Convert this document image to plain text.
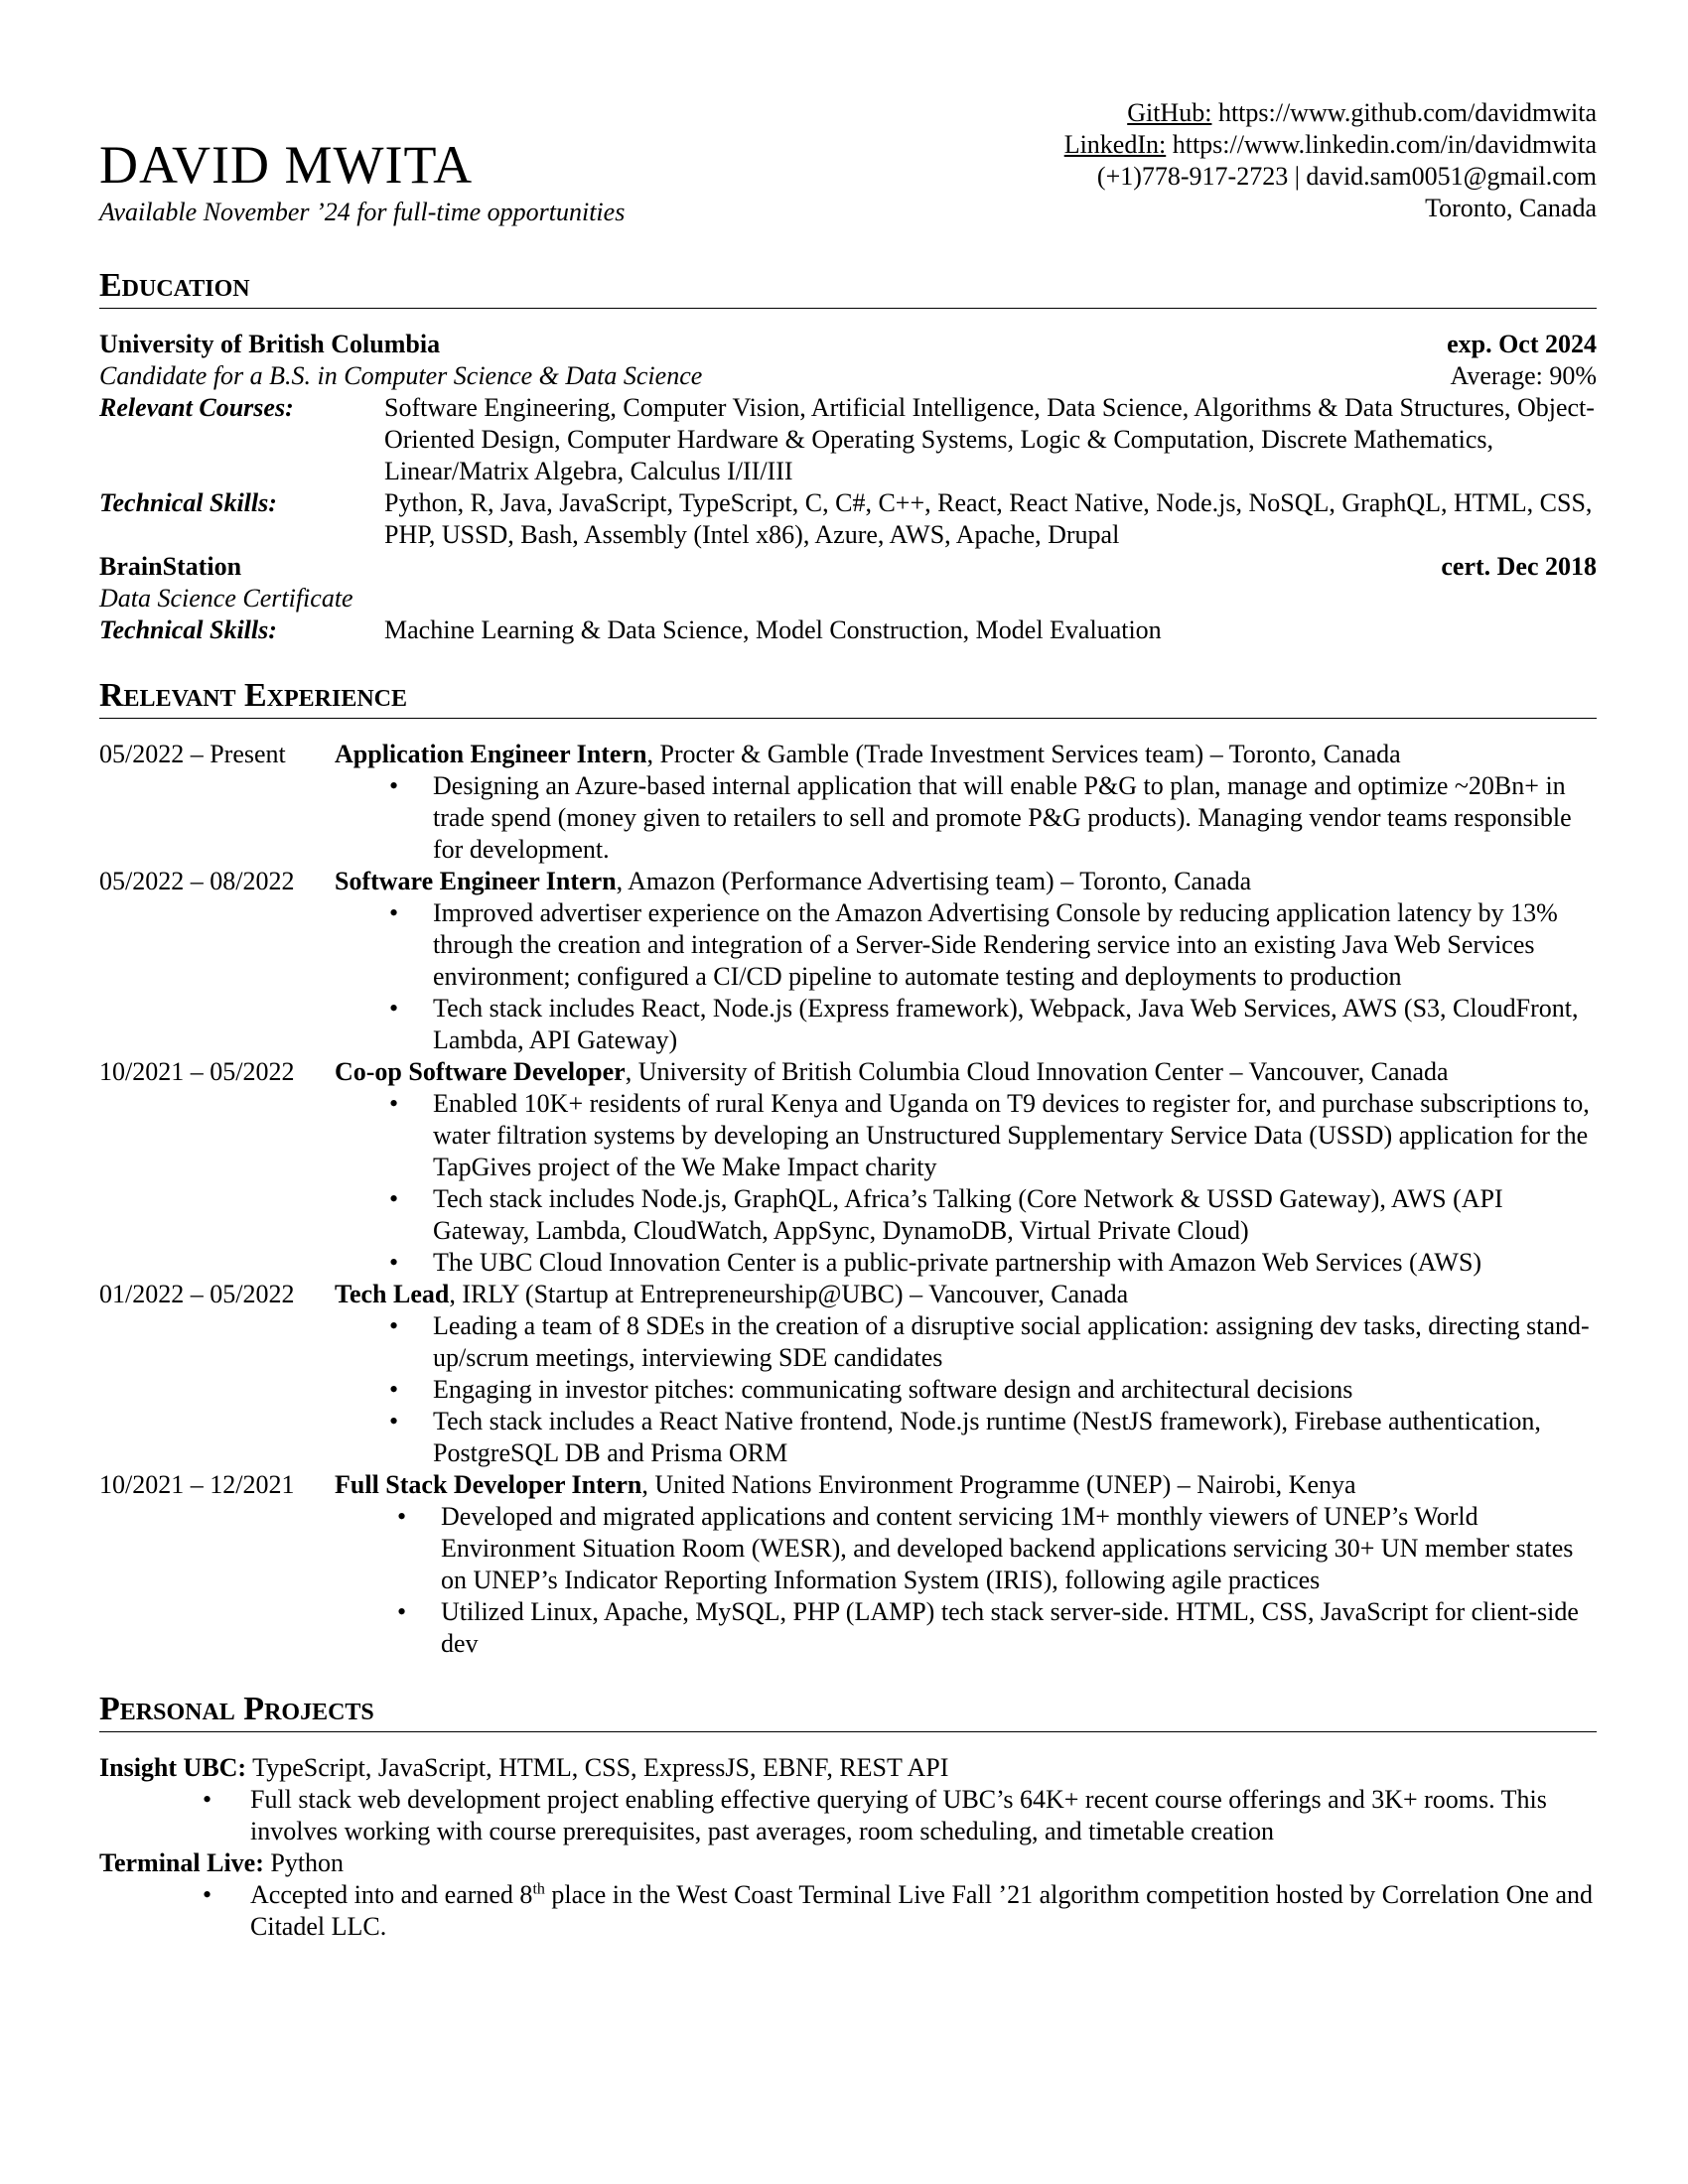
DAVID MWITA
Available November ’24 for full-time opportunities
GitHub: https://www.github.com/davidmwita
LinkedIn: https://www.linkedin.com/in/davidmwita
(+1)778-917-2723 | david.sam0051@gmail.com
Toronto, Canada
Education
University of British Columbia	exp. Oct 2024
Candidate for a B.S. in Computer Science & Data Science	Average: 90%
Relevant Courses:	Software Engineering, Computer Vision, Artificial Intelligence, Data Science, Algorithms & Data Structures, Object-Oriented Design, Computer Hardware & Operating Systems, Logic & Computation, Discrete Mathematics, Linear/Matrix Algebra, Calculus I/II/III
Technical Skills:	Python, R, Java, JavaScript, TypeScript, C, C#, C++, React, React Native, Node.js, NoSQL, GraphQL, HTML, CSS, PHP, USSD, Bash, Assembly (Intel x86), Azure, AWS, Apache, Drupal
BrainStation	cert. Dec 2018
Data Science Certificate
Technical Skills:	Machine Learning & Data Science, Model Construction, Model Evaluation
Relevant Experience
05/2022 – Present	Application Engineer Intern, Procter & Gamble (Trade Investment Services team) – Toronto, Canada
• Designing an Azure-based internal application that will enable P&G to plan, manage and optimize ~20Bn+ in trade spend (money given to retailers to sell and promote P&G products). Managing vendor teams responsible for development.
05/2022 – 08/2022	Software Engineer Intern, Amazon (Performance Advertising team) – Toronto, Canada
• Improved advertiser experience on the Amazon Advertising Console by reducing application latency by 13% through the creation and integration of a Server-Side Rendering service into an existing Java Web Services environment; configured a CI/CD pipeline to automate testing and deployments to production
• Tech stack includes React, Node.js (Express framework), Webpack, Java Web Services, AWS (S3, CloudFront, Lambda, API Gateway)
10/2021 – 05/2022	Co-op Software Developer, University of British Columbia Cloud Innovation Center – Vancouver, Canada
• Enabled 10K+ residents of rural Kenya and Uganda on T9 devices to register for, and purchase subscriptions to, water filtration systems by developing an Unstructured Supplementary Service Data (USSD) application for the TapGives project of the We Make Impact charity
• Tech stack includes Node.js, GraphQL, Africa’s Talking (Core Network & USSD Gateway), AWS (API Gateway, Lambda, CloudWatch, AppSync, DynamoDB, Virtual Private Cloud)
• The UBC Cloud Innovation Center is a public-private partnership with Amazon Web Services (AWS)
01/2022 – 05/2022	Tech Lead, IRLY (Startup at Entrepreneurship@UBC) – Vancouver, Canada
• Leading a team of 8 SDEs in the creation of a disruptive social application: assigning dev tasks, directing stand-up/scrum meetings, interviewing SDE candidates
• Engaging in investor pitches: communicating software design and architectural decisions
• Tech stack includes a React Native frontend, Node.js runtime (NestJS framework), Firebase authentication, PostgreSQL DB and Prisma ORM
10/2021 – 12/2021	Full Stack Developer Intern, United Nations Environment Programme (UNEP) – Nairobi, Kenya
• Developed and migrated applications and content servicing 1M+ monthly viewers of UNEP’s World Environment Situation Room (WESR), and developed backend applications servicing 30+ UN member states on UNEP’s Indicator Reporting Information System (IRIS), following agile practices
• Utilized Linux, Apache, MySQL, PHP (LAMP) tech stack server-side. HTML, CSS, JavaScript for client-side dev
Personal Projects
Insight UBC: TypeScript, JavaScript, HTML, CSS, ExpressJS, EBNF, REST API
• Full stack web development project enabling effective querying of UBC’s 64K+ recent course offerings and 3K+ rooms. This involves working with course prerequisites, past averages, room scheduling, and timetable creation
Terminal Live: Python
• Accepted into and earned 8th place in the West Coast Terminal Live Fall ’21 algorithm competition hosted by Correlation One and Citadel LLC.
